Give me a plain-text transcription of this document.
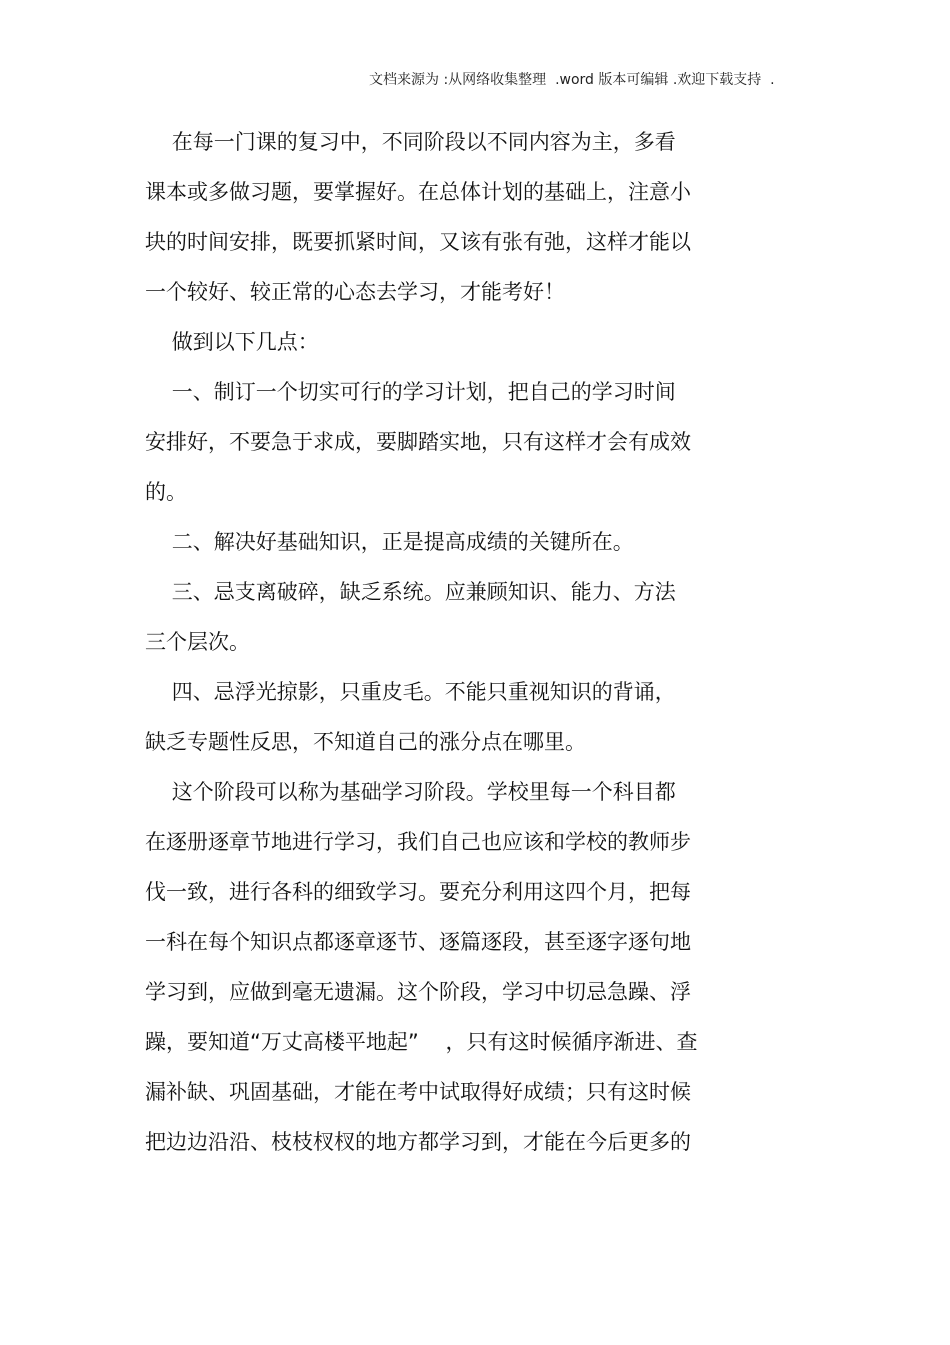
文档来源为 :从网络收集整理  .word 版本可编辑 .欢迎下载支持  .
在每一门课的复习中，不同阶段以不同内容为主，多看
课本或多做习题，要掌握好。在总体计划的基础上，注意小
块的时间安排，既要抓紧时间，又该有张有弛，这样才能以
一个较好、较正常的心态去学习，才能考好！
做到以下几点：
一、制订一个切实可行的学习计划，把自己的学习时间
安排好，不要急于求成，要脚踏实地，只有这样才会有成效
的。
二、解决好基础知识，正是提高成绩的关键所在。
三、忌支离破碎，缺乏系统。应兼顾知识、能力、方法
三个层次。
四、忌浮光掠影，只重皮毛。不能只重视知识的背诵，
缺乏专题性反思，不知道自己的涨分点在哪里。
这个阶段可以称为基础学习阶段。学校里每一个科目都
在逐册逐章节地进行学习，我们自己也应该和学校的教师步
伐一致，进行各科的细致学习。要充分利用这四个月，把每
一科在每个知识点都逐章逐节、逐篇逐段，甚至逐字逐句地
学习到，应做到毫无遗漏。这个阶段，学习中切忌急躁、浮
躁，要知道“万丈高楼平地起”    ，只有这时候循序渐进、查
漏补缺、巩固基础，才能在考中试取得好成绩；只有这时候
把边边沿沿、枝枝杈杈的地方都学习到，才能在今后更多的
